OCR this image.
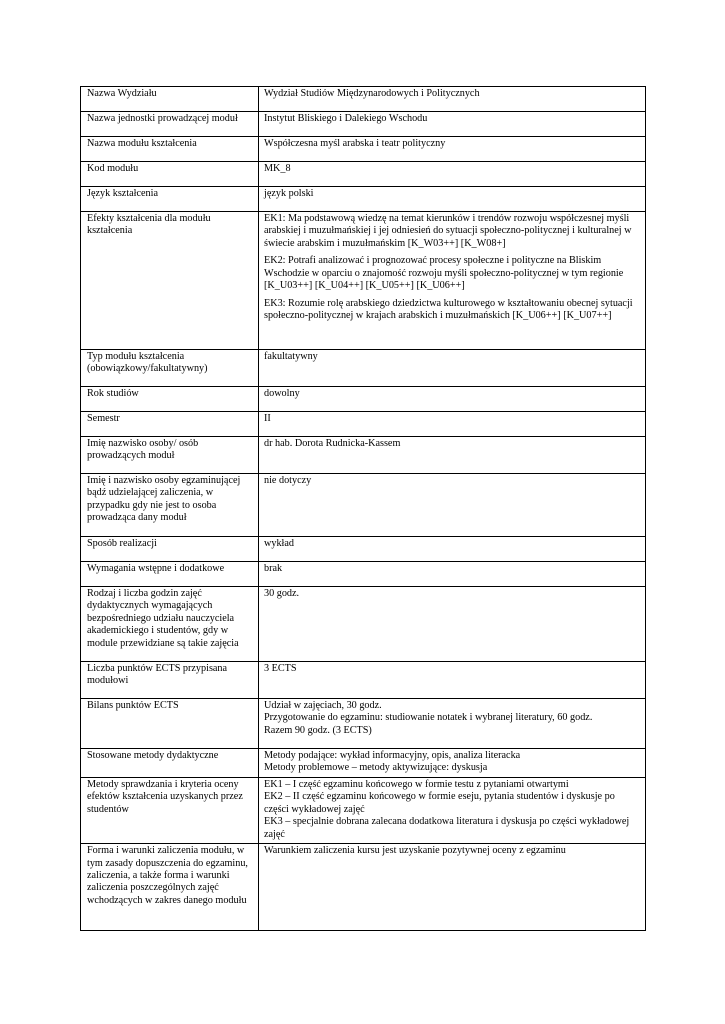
Nazwa Wydziału	Wydział Studiów Międzynarodowych i Politycznych
Nazwa jednostki prowadzącej moduł	Instytut Bliskiego i Dalekiego Wschodu
Nazwa modułu kształcenia	Współczesna myśl arabska i teatr polityczny
Kod modułu	MK_8
Język kształcenia	język polski
Efekty kształcenia dla modułu kształcenia	EK1: Ma podstawową wiedzę na temat kierunków i trendów rozwoju współczesnej myśli arabskiej i muzułmańskiej i jej odniesień do sytuacji społeczno-politycznej i kulturalnej w świecie arabskim i muzułmańskim [K_W03++] [K_W08+]

EK2: Potrafi analizować i prognozować procesy społeczne i polityczne na Bliskim Wschodzie w oparciu o znajomość rozwoju myśli społeczno-politycznej w tym regionie [K_U03++] [K_U04++] [K_U05++] [K_U06++]

EK3: Rozumie rolę arabskiego dziedzictwa kulturowego w kształtowaniu obecnej sytuacji społeczno-politycznej w krajach arabskich i muzułmańskich [K_U06++] [K_U07++]

Typ modułu kształcenia (obowiązkowy/fakultatywny)	fakultatywny
Rok studiów	dowolny
Semestr	II
Imię nazwisko osoby/ osób prowadzących moduł	dr hab. Dorota Rudnicka-Kassem
Imię i nazwisko osoby egzaminującej bądź udzielającej zaliczenia, w przypadku gdy nie jest to osoba prowadząca dany moduł	nie dotyczy
Sposób realizacji	wykład
Wymagania wstępne i dodatkowe	brak
Rodzaj i liczba godzin zajęć dydaktycznych wymagających bezpośredniego udziału nauczyciela akademickiego i studentów, gdy w module przewidziane są takie zajęcia	30 godz.
Liczba punktów ECTS przypisana modułowi	3 ECTS
Bilans punktów ECTS	Udział w zajęciach, 30 godz.
Przygotowanie do egzaminu: studiowanie notatek i wybranej literatury, 60 godz.
Razem 90 godz. (3 ECTS)

Stosowane metody dydaktyczne	Metody podające: wykład informacyjny, opis, analiza literacka
Metody problemowe – metody aktywizujące: dyskusja

Metody sprawdzania i kryteria oceny efektów kształcenia uzyskanych przez studentów	EK1 – I część egzaminu końcowego w formie testu z pytaniami otwartymi
EK2 – II część egzaminu końcowego w formie eseju, pytania studentów i dyskusje po części wykładowej zajęć
EK3 – specjalnie dobrana zalecana dodatkowa literatura i dyskusja po części wykładowej zajęć

Forma i warunki zaliczenia modułu, w tym zasady dopuszczenia do egzaminu, zaliczenia, a także forma i warunki zaliczenia poszczególnych zajęć wchodzących w zakres danego modułu	Warunkiem zaliczenia kursu jest uzyskanie pozytywnej oceny z egzaminu
